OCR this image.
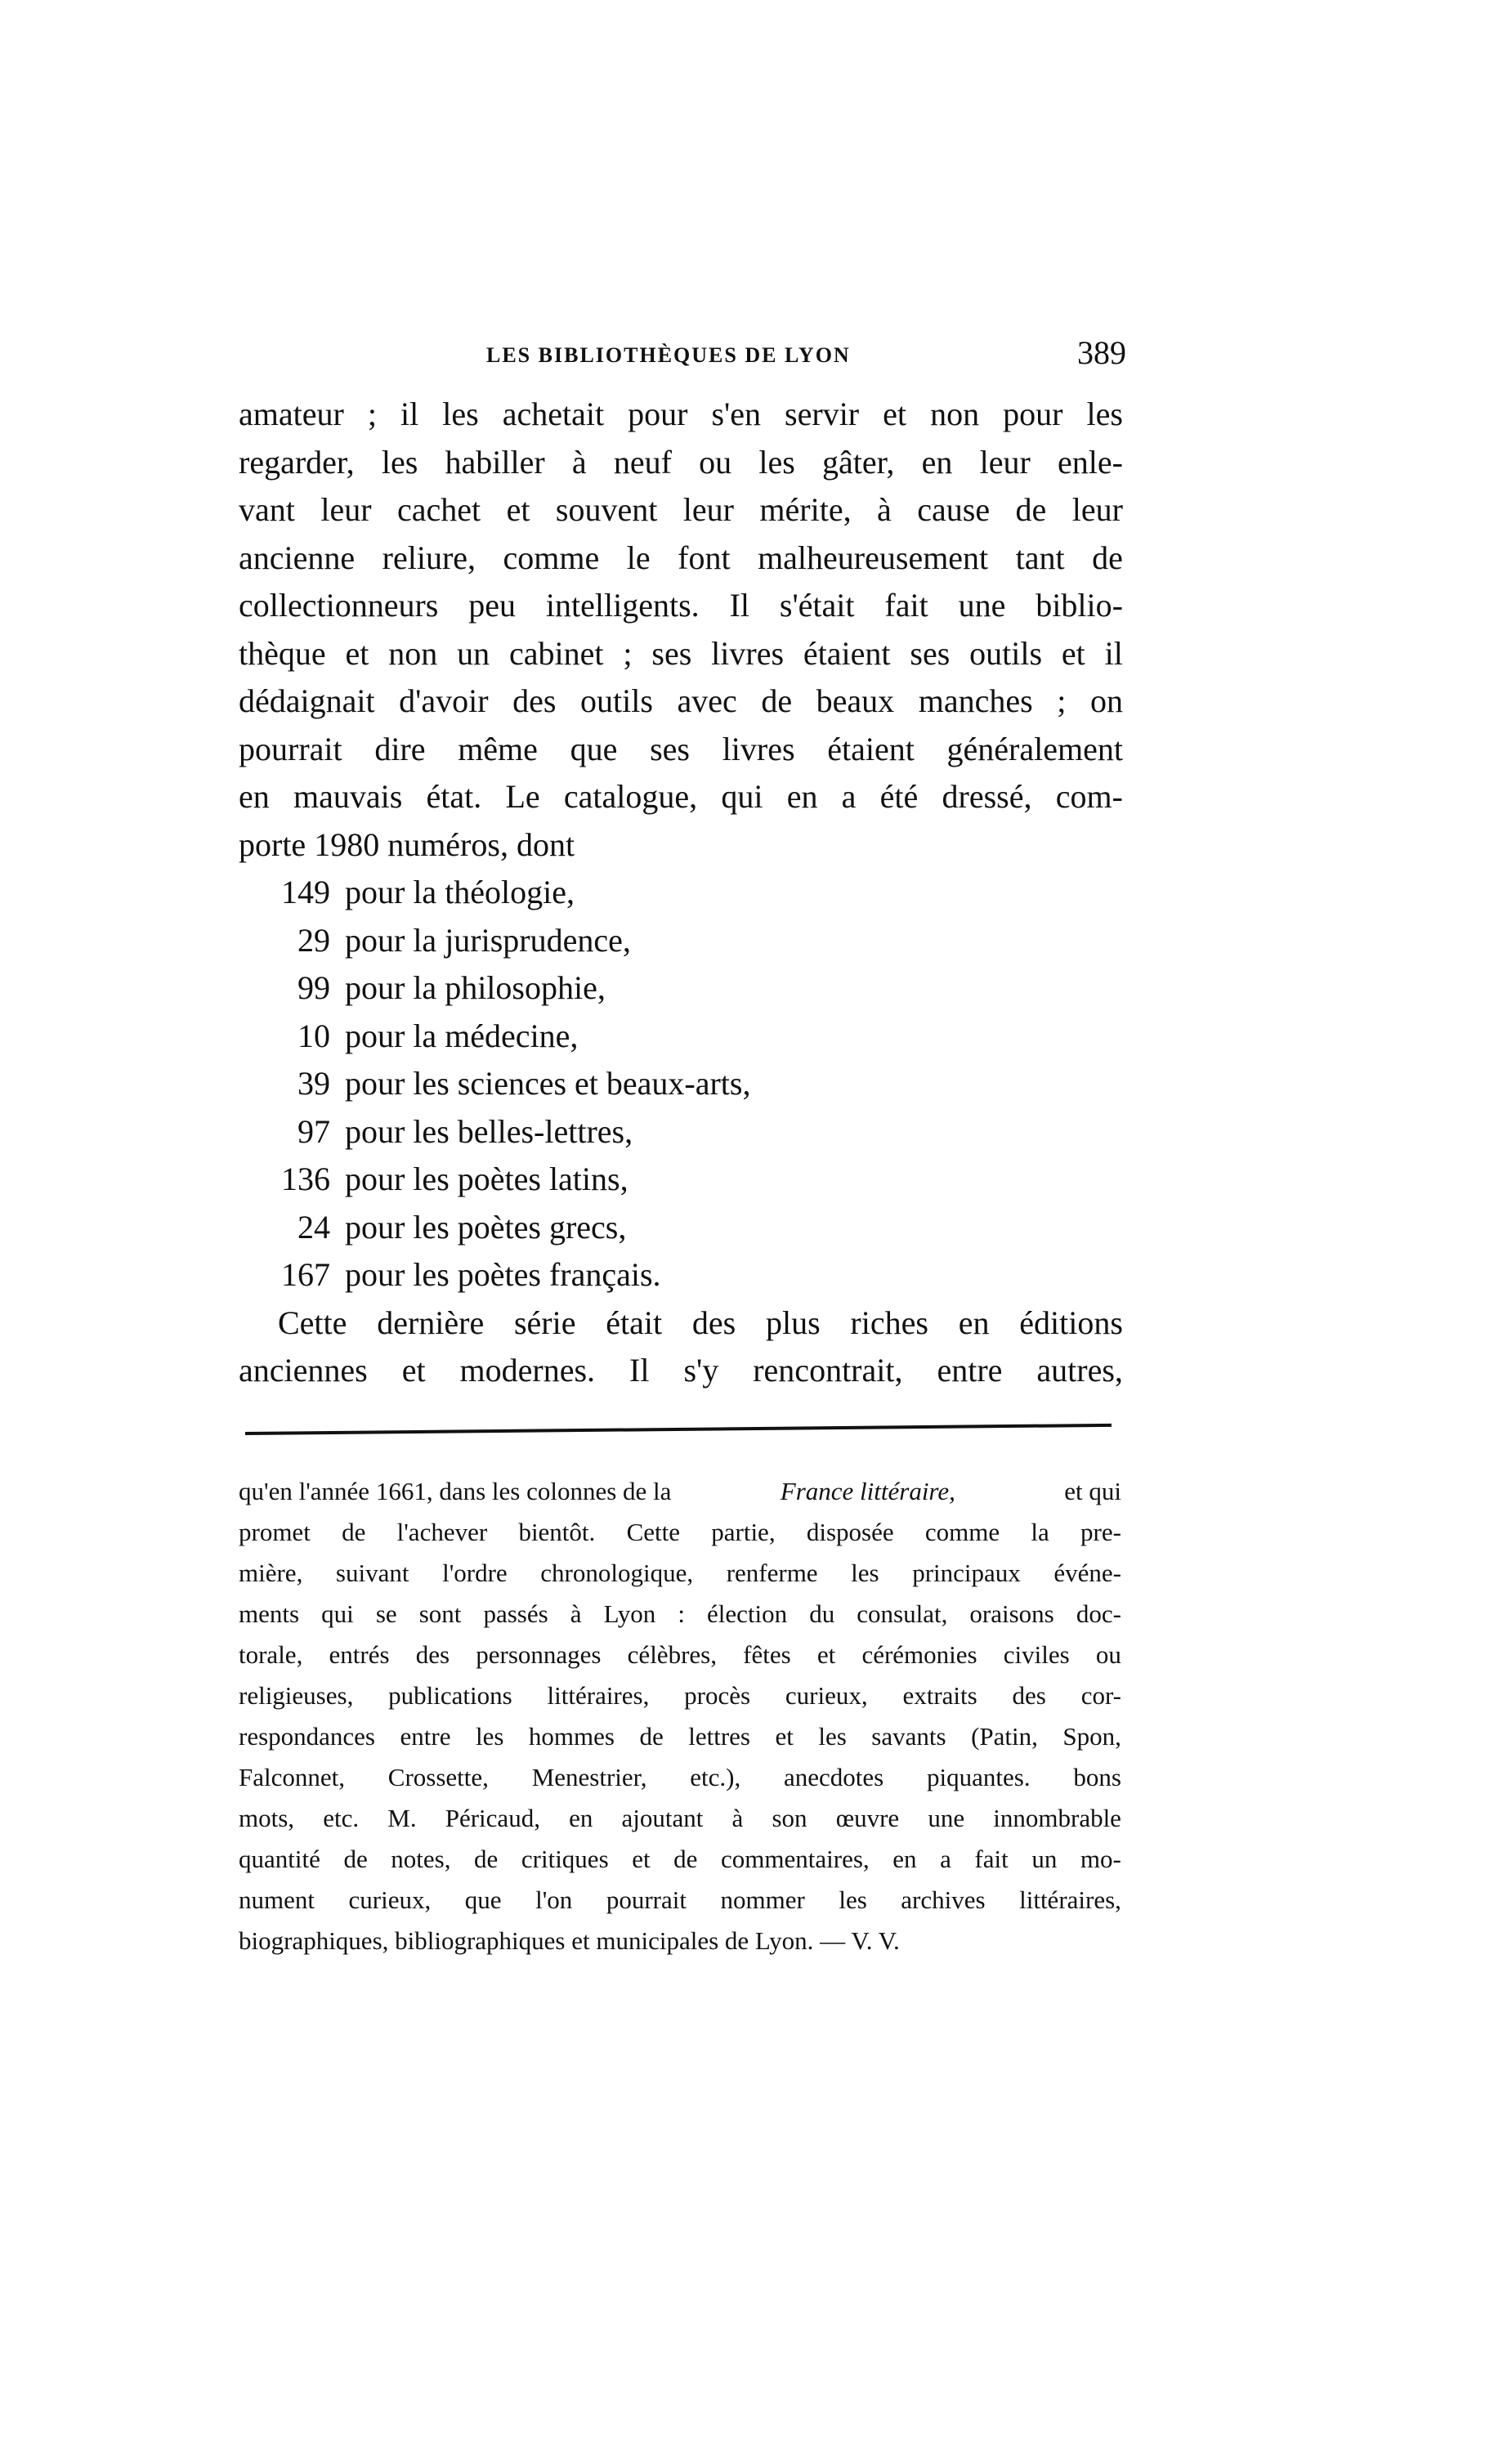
LES BIBLIOTHÈQUES DE LYON	389
amateur ; il les achetait pour s'en servir et non pour les
regarder, les habiller à neuf ou les gâter, en leur enle-
vant leur cachet et souvent leur mérite, à cause de leur
ancienne reliure, comme le font malheureusement tant de
collectionneurs peu intelligents. Il s'était fait une biblio-
thèque et non un cabinet ; ses livres étaient ses outils et il
dédaignait d'avoir des outils avec de beaux manches ; on
pourrait dire même que ses livres étaient généralement
en mauvais état. Le catalogue, qui en a été dressé, com-
porte 1980 numéros, dont
149 pour la théologie,
29 pour la jurisprudence,
99 pour la philosophie,
10 pour la médecine,
39 pour les sciences et beaux-arts,
97 pour les belles-lettres,
136 pour les poètes latins,
24 pour les poètes grecs,
167 pour les poètes français.
Cette dernière série était des plus riches en éditions
anciennes et modernes. Il s'y rencontrait, entre autres,
qu'en l'année 1661, dans les colonnes de la	France littéraire,	et qui
promet de l'achever bientôt. Cette partie, disposée comme la pre-
mière, suivant l'ordre chronologique, renferme les principaux événe-
ments qui se sont passés à Lyon : élection du consulat, oraisons doc-
torale, entrés des personnages célèbres, fêtes et cérémonies civiles ou
religieuses, publications littéraires, procès curieux, extraits des cor-
respondances entre les hommes de lettres et les savants (Patin, Spon,
Falconnet, Crossette, Menestrier, etc.), anecdotes piquantes. bons
mots, etc. M. Péricaud, en ajoutant à son œuvre une innombrable
quantité de notes, de critiques et de commentaires, en a fait un mo-
nument curieux, que l'on pourrait nommer les archives littéraires,
biographiques, bibliographiques et municipales de Lyon. — V. V.
